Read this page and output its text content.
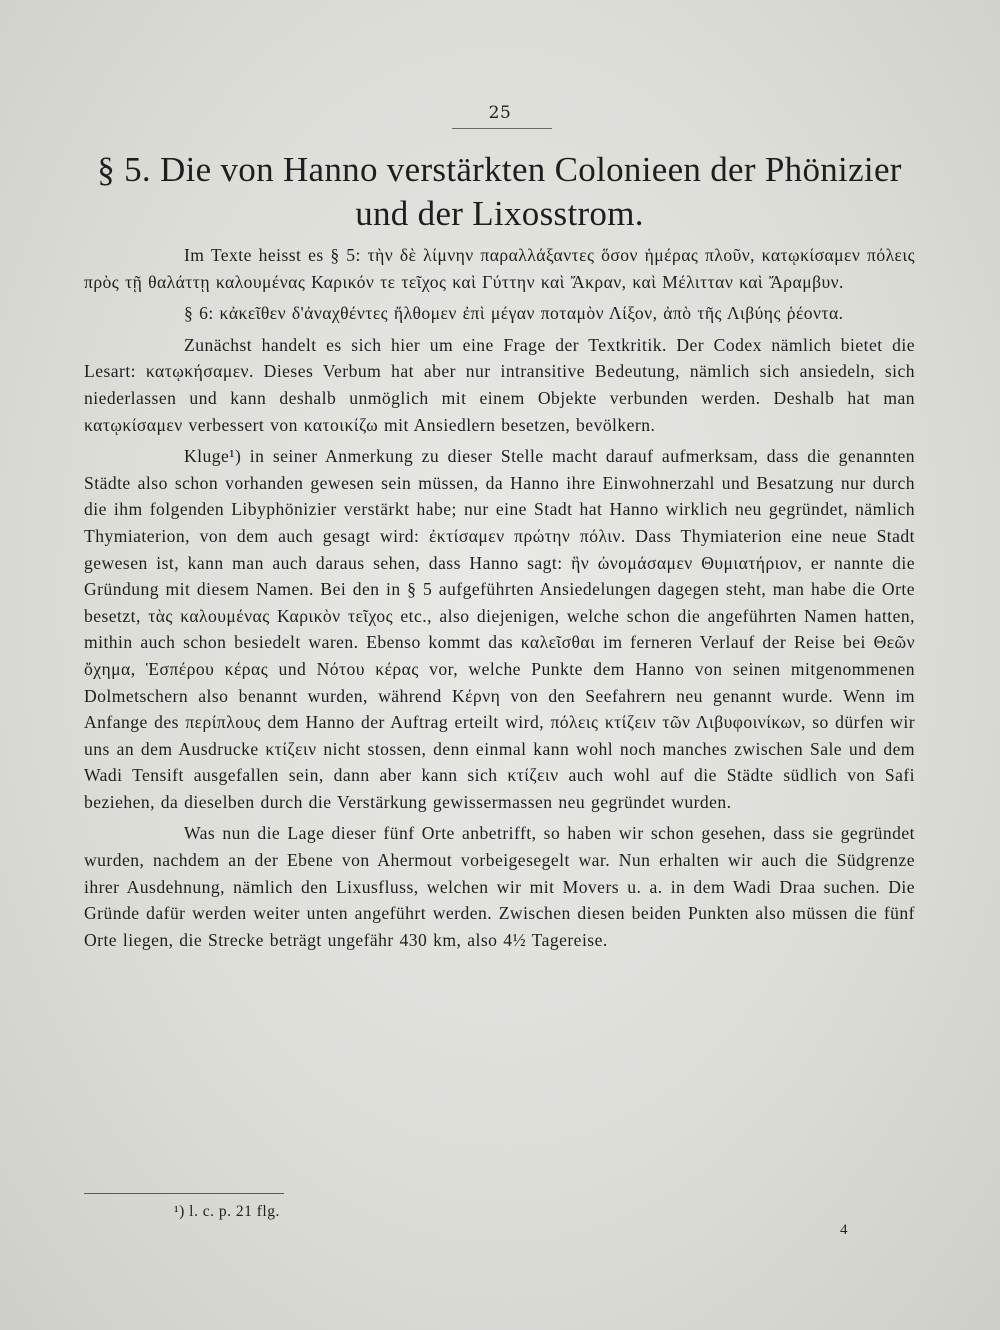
25
§ 5. Die von Hanno verstärkten Colonieen der Phönizier und der Lixosstrom.

Im Texte heisst es § 5: τὴν δὲ λίμνην παραλλάξαντες ὅσον ἡμέρας πλοῦν, κατῳκίσαμεν πόλεις πρὸς τῇ θαλάττῃ καλουμένας Καρικόν τε τεῖχος καὶ Γύττην καὶ Ἄκραν, καὶ Μέλιτταν καὶ Ἄραμβυν.

§ 6: κἀκεῖθεν δ'ἀναχθέντες ἤλθομεν ἐπὶ μέγαν ποταμὸν Λίξον, ἀπὸ τῆς Λιβύης ῥέοντα.

Zunächst handelt es sich hier um eine Frage der Textkritik. Der Codex nämlich bietet die Lesart: κατῳκήσαμεν. Dieses Verbum hat aber nur intransitive Bedeutung, nämlich sich ansiedeln, sich niederlassen und kann deshalb unmöglich mit einem Objekte verbunden werden. Deshalb hat man κατῳκίσαμεν verbessert von κατοικίζω mit Ansiedlern besetzen, bevölkern.

Kluge¹) in seiner Anmerkung zu dieser Stelle macht darauf aufmerksam, dass die genannten Städte also schon vorhanden gewesen sein müssen, da Hanno ihre Einwohnerzahl und Besatzung nur durch die ihm folgenden Libyphönizier verstärkt habe; nur eine Stadt hat Hanno wirklich neu gegründet, nämlich Thymiaterion, von dem auch gesagt wird: ἐκτίσαμεν πρώτην πόλιν. Dass Thymiaterion eine neue Stadt gewesen ist, kann man auch daraus sehen, dass Hanno sagt: ἣν ὠνομάσαμεν Θυμιατήριον, er nannte die Gründung mit diesem Namen. Bei den in § 5 aufgeführten Ansiedelungen dagegen steht, man habe die Orte besetzt, τὰς καλουμένας Καρικὸν τεῖχος etc., also diejenigen, welche schon die angeführten Namen hatten, mithin auch schon besiedelt waren. Ebenso kommt das καλεῖσθαι im ferneren Verlauf der Reise bei Θεῶν ὄχημα, Ἑσπέρου κέρας und Νότου κέρας vor, welche Punkte dem Hanno von seinen mitgenommenen Dolmetschern also benannt wurden, während Κέρνη von den Seefahrern neu genannt wurde. Wenn im Anfange des περίπλους dem Hanno der Auftrag erteilt wird, πόλεις κτίζειν τῶν Λιβυφοινίκων, so dürfen wir uns an dem Ausdrucke κτίζειν nicht stossen, denn einmal kann wohl noch manches zwischen Sale und dem Wadi Tensift ausgefallen sein, dann aber kann sich κτίζειν auch wohl auf die Städte südlich von Safi beziehen, da dieselben durch die Verstärkung gewissermassen neu gegründet wurden.

Was nun die Lage dieser fünf Orte anbetrifft, so haben wir schon gesehen, dass sie gegründet wurden, nachdem an der Ebene von Ahermout vorbeigesegelt war. Nun erhalten wir auch die Südgrenze ihrer Ausdehnung, nämlich den Lixusfluss, welchen wir mit Movers u. a. in dem Wadi Draa suchen. Die Gründe dafür werden weiter unten angeführt werden. Zwischen diesen beiden Punkten also müssen die fünf Orte liegen, die Strecke beträgt ungefähr 430 km, also 4½ Tagereise.

¹) l. c. p. 21 flg.
4
